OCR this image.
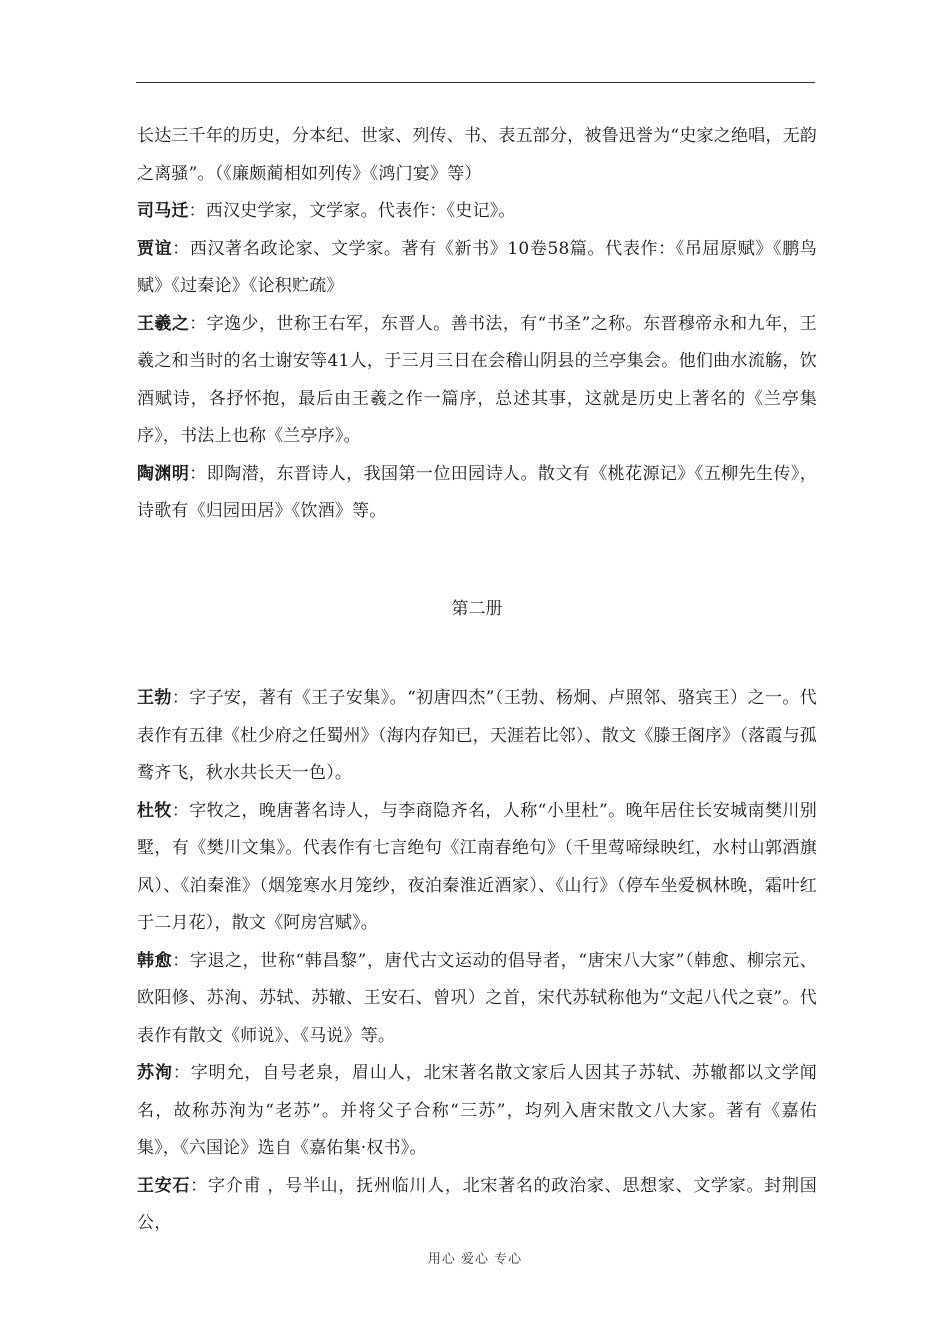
长达三千年的历史，分本纪、世家、列传、书、表五部分，被鲁迅誉为“史家之绝唱，无韵之离骚”。（《廉颇蔺相如列传》《鸿门宴》等）

司马迁：西汉史学家，文学家。代表作：《史记》。

贾谊：西汉著名政论家、文学家。著有《新书》10卷58篇。代表作：《吊屈原赋》《鹏鸟赋》《过秦论》《论积贮疏》

王羲之：字逸少，世称王右军，东晋人。善书法，有“书圣”之称。东晋穆帝永和九年，王羲之和当时的名士谢安等41人，于三月三日在会稽山阴县的兰亭集会。他们曲水流觞，饮酒赋诗，各抒怀抱，最后由王羲之作一篇序，总述其事，这就是历史上著名的《兰亭集序》，书法上也称《兰亭序》。

陶渊明：即陶潜，东晋诗人，我国第一位田园诗人。散文有《桃花源记》《五柳先生传》，诗歌有《归园田居》《饮酒》等。

第二册

王勃：字子安，著有《王子安集》。“初唐四杰”（王勃、杨炯、卢照邻、骆宾王）之一。代表作有五律《杜少府之任蜀州》（海内存知已，天涯若比邻）、散文《滕王阁序》（落霞与孤鹜齐飞，秋水共长天一色）。

杜牧：字牧之，晚唐著名诗人，与李商隐齐名，人称“小里杜”。晚年居住长安城南樊川别墅，有《樊川文集》。代表作有七言绝句《江南春绝句》（千里莺啼绿映红，水村山郭酒旗风）、《泊秦淮》（烟笼寒水月笼纱，夜泊秦淮近酒家）、《山行》（停车坐爱枫林晚，霜叶红于二月花），散文《阿房宫赋》。

韩愈：字退之，世称“韩昌黎”，唐代古文运动的倡导者，“唐宋八大家”（韩愈、柳宗元、欧阳修、苏洵、苏轼、苏辙、王安石、曾巩）之首，宋代苏轼称他为“文起八代之衰”。代表作有散文《师说》、《马说》等。

苏洵：字明允，自号老泉，眉山人，北宋著名散文家后人因其子苏轼、苏辙都以文学闻名，故称苏洵为“老苏”。并将父子合称“三苏”，均列入唐宋散文八大家。著有《嘉佑集》，《六国论》选自《嘉佑集·权书》。

王安石：字介甫 ，号半山，抚州临川人，北宋著名的政治家、思想家、文学家。封荆国公，

用心 爱心 专心
